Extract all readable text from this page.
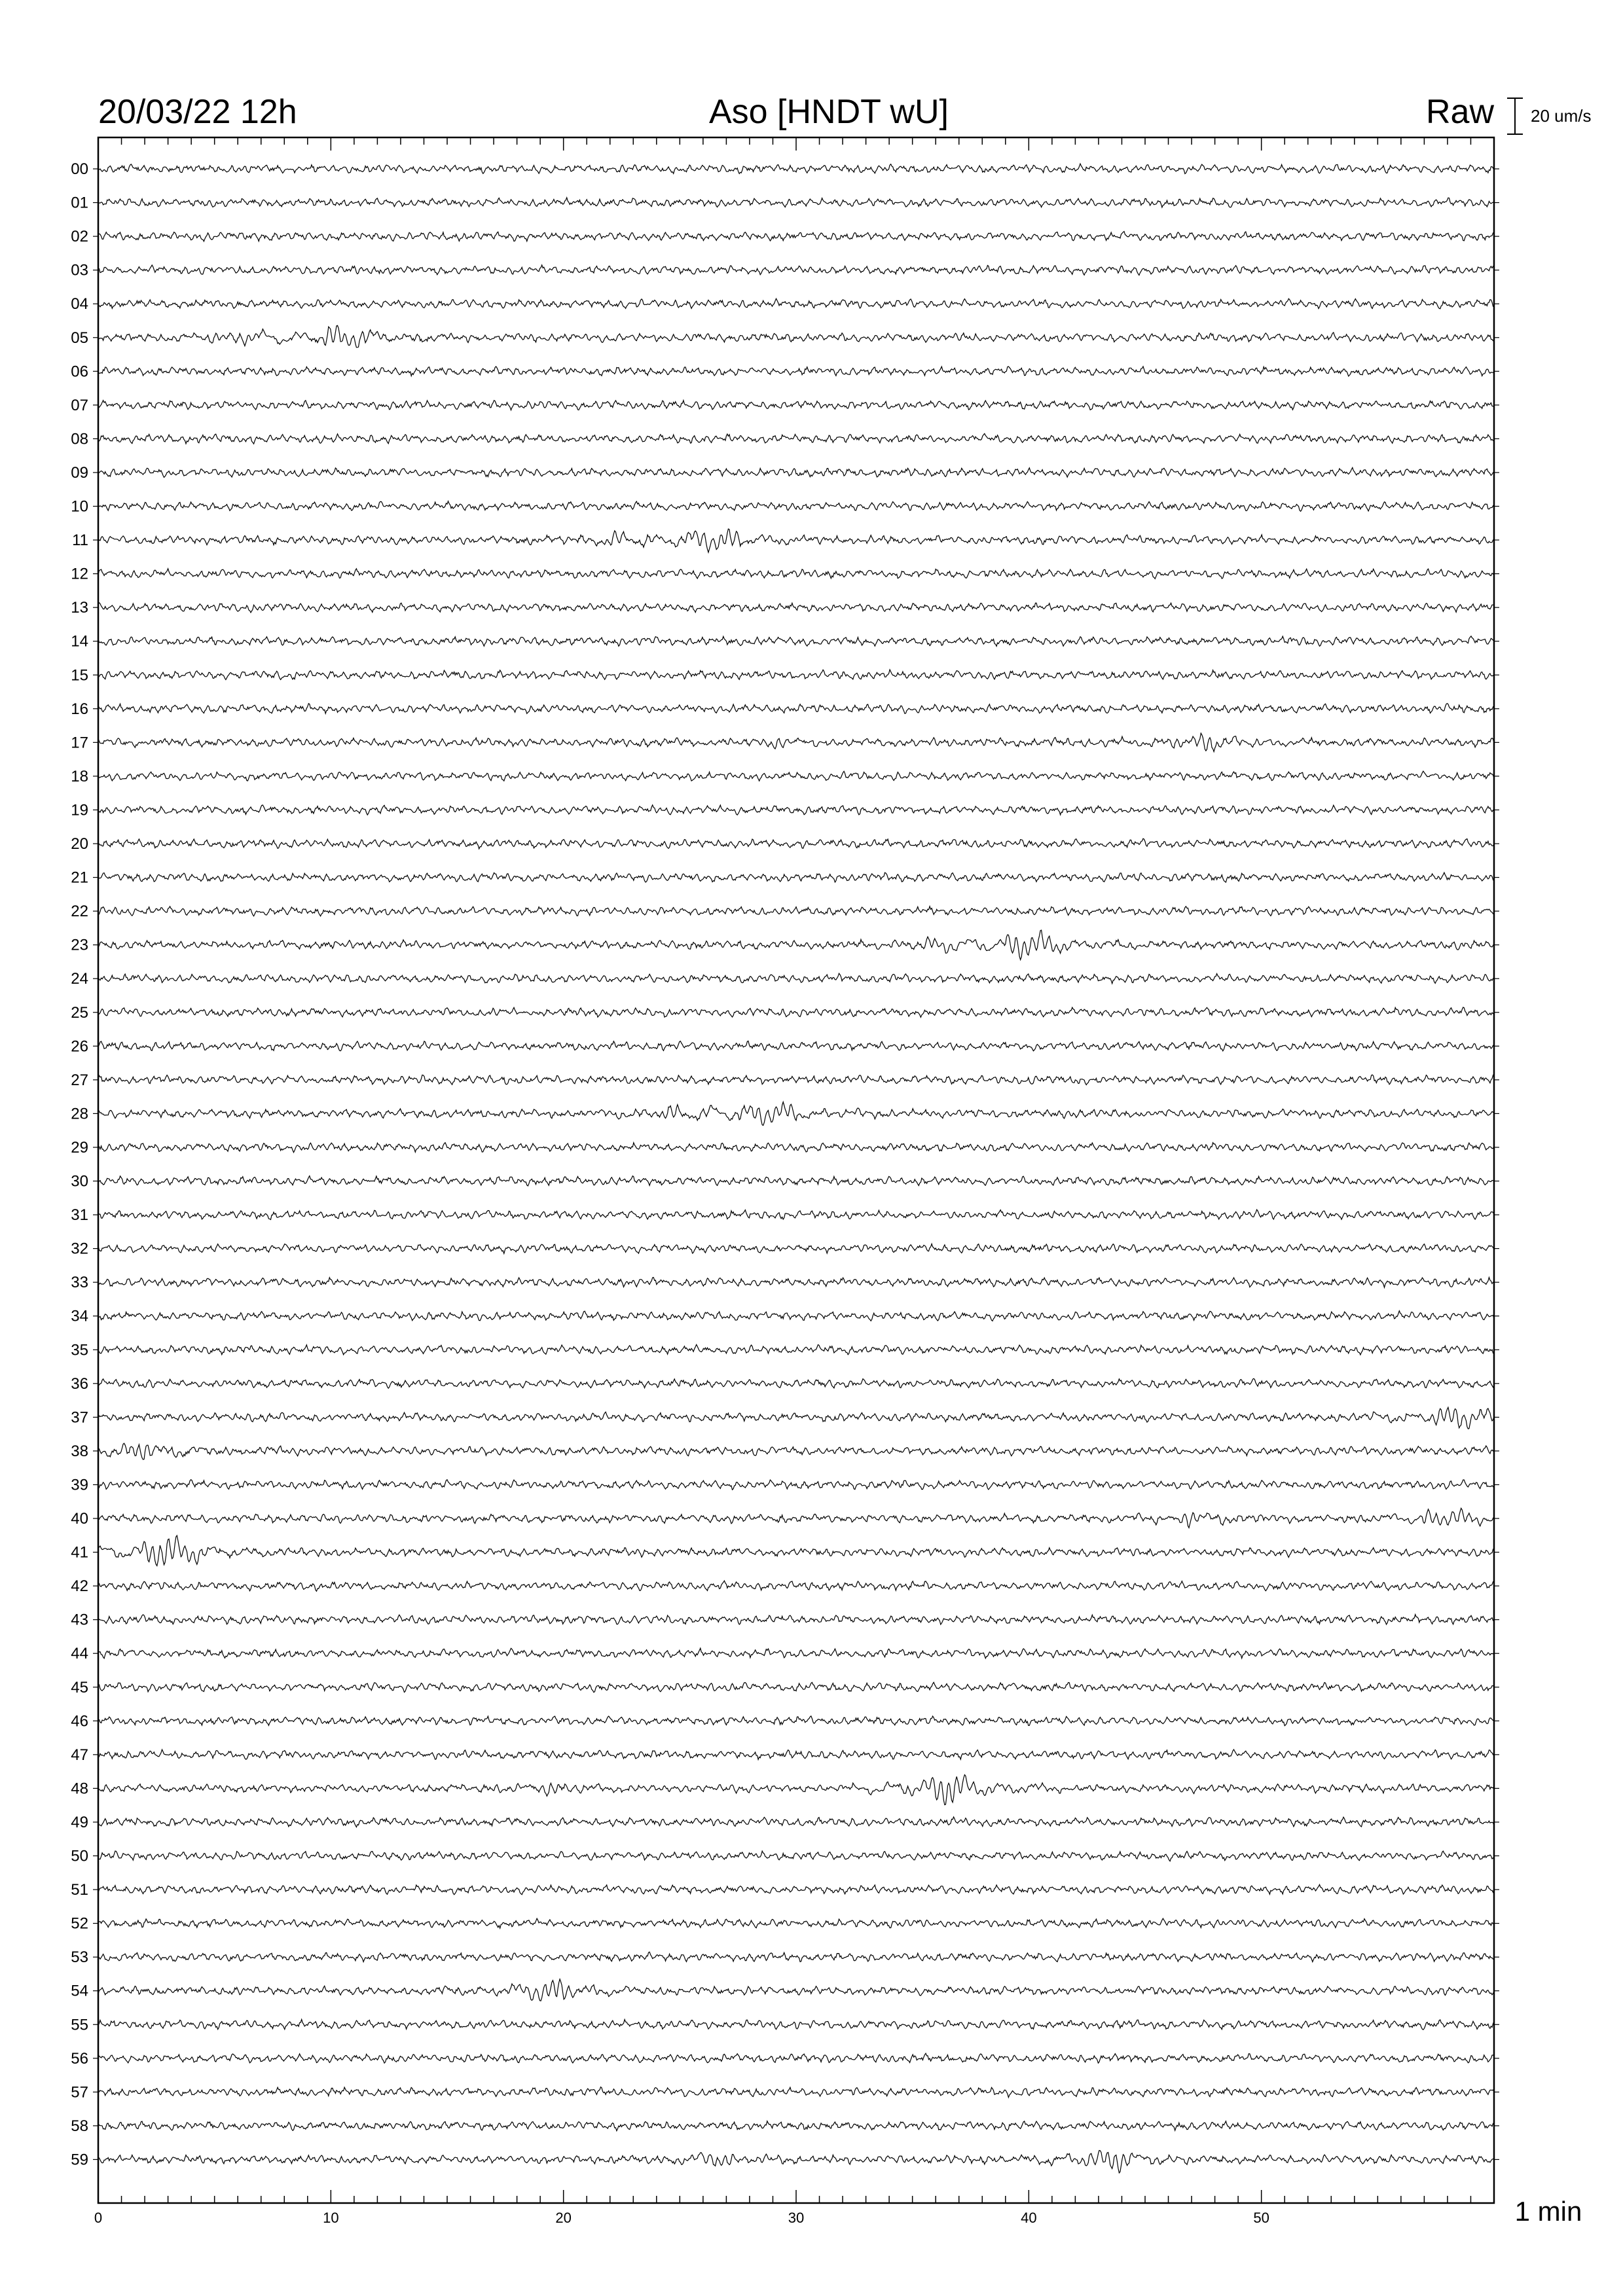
20/03/22 12h	Aso [HNDT wU]	Raw 20 um/s
0	10	20	30	40	50
00
01
02
03
04
05
06
07
08
09
10
11
12
13
14
15
16
17
18
19
20
21
22
23
24
25
26
27
28
29
30
31
32
33
34
35
36
37
38
39
40
41
42
43
44
45
46
47
48
49
50
51
52
53
54
55
56
57
58
59
1 min
